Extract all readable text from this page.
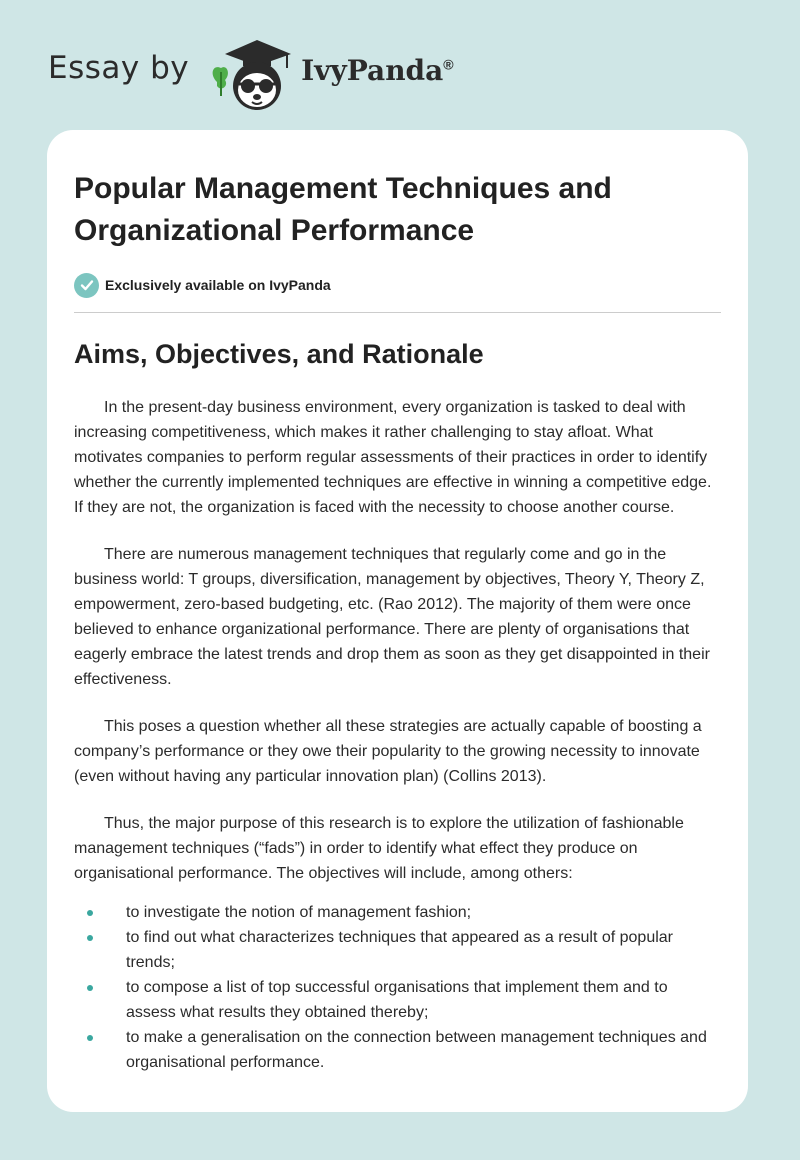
Essay by	IvyPanda®
Popular Management Techniques and Organizational Performance
Exclusively available on IvyPanda
Aims, Objectives, and Rationale

In the present-day business environment, every organization is tasked to deal with increasing competitiveness, which makes it rather challenging to stay afloat. What motivates companies to perform regular assessments of their practices in order to identify whether the currently implemented techniques are effective in winning a competitive edge. If they are not, the organization is faced with the necessity to choose another course.

There are numerous management techniques that regularly come and go in the business world: T groups, diversification, management by objectives, Theory Y, Theory Z, empowerment, zero-based budgeting, etc. (Rao 2012). The majority of them were once believed to enhance organizational performance. There are plenty of organisations that eagerly embrace the latest trends and drop them as soon as they get disappointed in their effectiveness.

This poses a question whether all these strategies are actually capable of boosting a company’s performance or they owe their popularity to the growing necessity to innovate (even without having any particular innovation plan) (Collins 2013).

Thus, the major purpose of this research is to explore the utilization of fashionable management techniques (“fads”) in order to identify what effect they produce on organisational performance. The objectives will include, among others:

to investigate the notion of management fashion;
to find out what characterizes techniques that appeared as a result of popular trends;
to compose a list of top successful organisations that implement them and to assess what results they obtained thereby;
to make a generalisation on the connection between management techniques and organisational performance.
